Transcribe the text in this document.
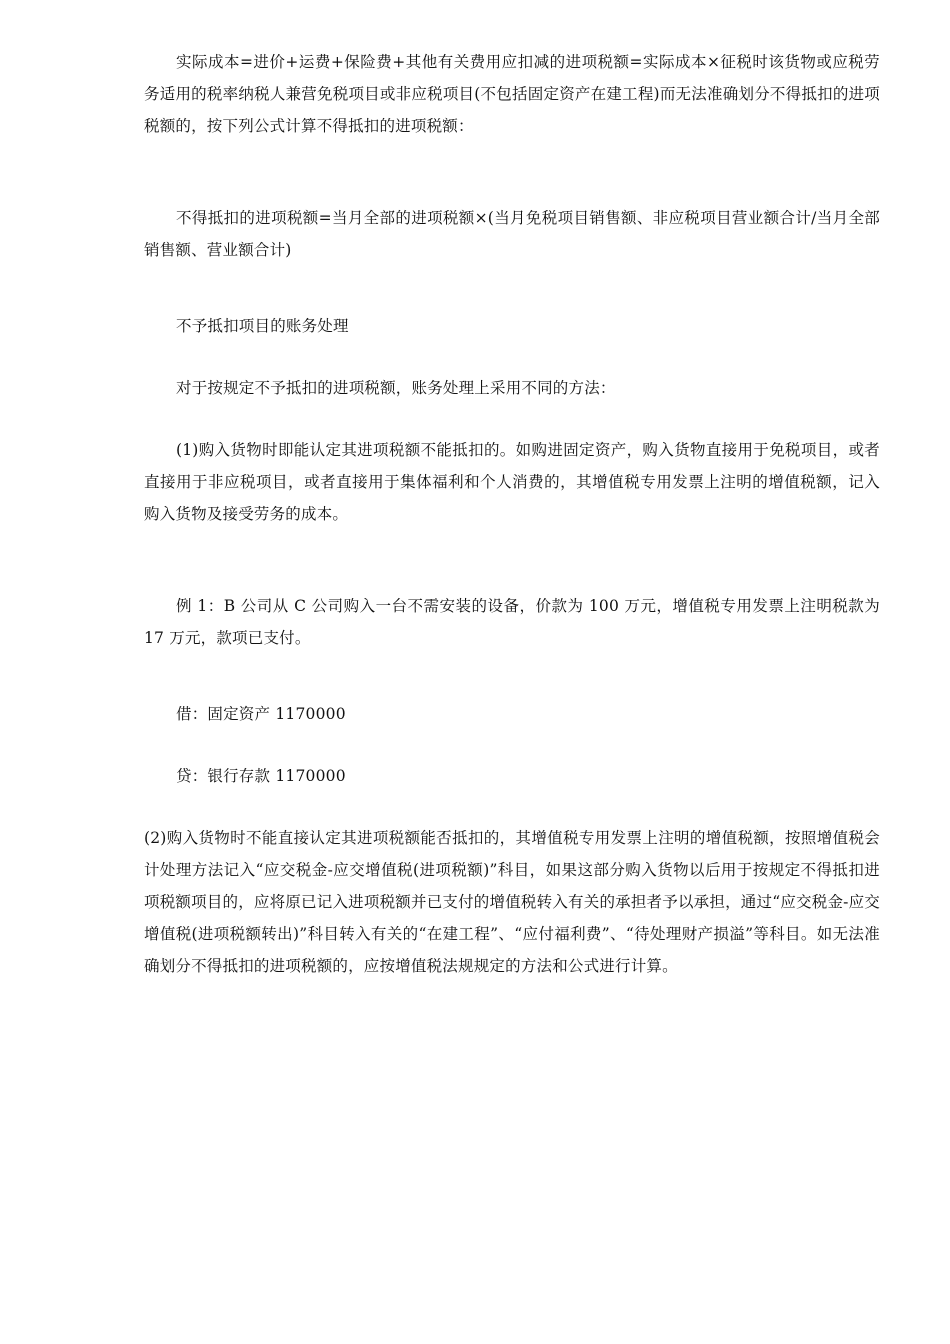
实际成本=进价+运费+保险费+其他有关费用应扣减的进项税额=实际成本×征税时该货物或应税劳务适用的税率纳税人兼营免税项目或非应税项目(不包括固定资产在建工程)而无法准确划分不得抵扣的进项税额的，按下列公式计算不得抵扣的进项税额：

不得抵扣的进项税额=当月全部的进项税额×(当月免税项目销售额、非应税项目营业额合计/当月全部销售额、营业额合计)

不予抵扣项目的账务处理

对于按规定不予抵扣的进项税额，账务处理上采用不同的方法：

(1)购入货物时即能认定其进项税额不能抵扣的。如购进固定资产，购入货物直接用于免税项目，或者直接用于非应税项目，或者直接用于集体福利和个人消费的，其增值税专用发票上注明的增值税额，记入购入货物及接受劳务的成本。

例 1：B 公司从 C 公司购入一台不需安装的设备，价款为 100 万元，增值税专用发票上注明税款为 17 万元，款项已支付。

借：固定资产 1170000

贷：银行存款 1170000

(2)购入货物时不能直接认定其进项税额能否抵扣的，其增值税专用发票上注明的增值税额，按照增值税会计处理方法记入“应交税金-应交增值税(进项税额)”科目，如果这部分购入货物以后用于按规定不得抵扣进项税额项目的，应将原已记入进项税额并已支付的增值税转入有关的承担者予以承担，通过“应交税金-应交增值税(进项税额转出)”科目转入有关的“在建工程”、“应付福利费”、“待处理财产损溢”等科目。如无法准确划分不得抵扣的进项税额的，应按增值税法规规定的方法和公式进行计算。
